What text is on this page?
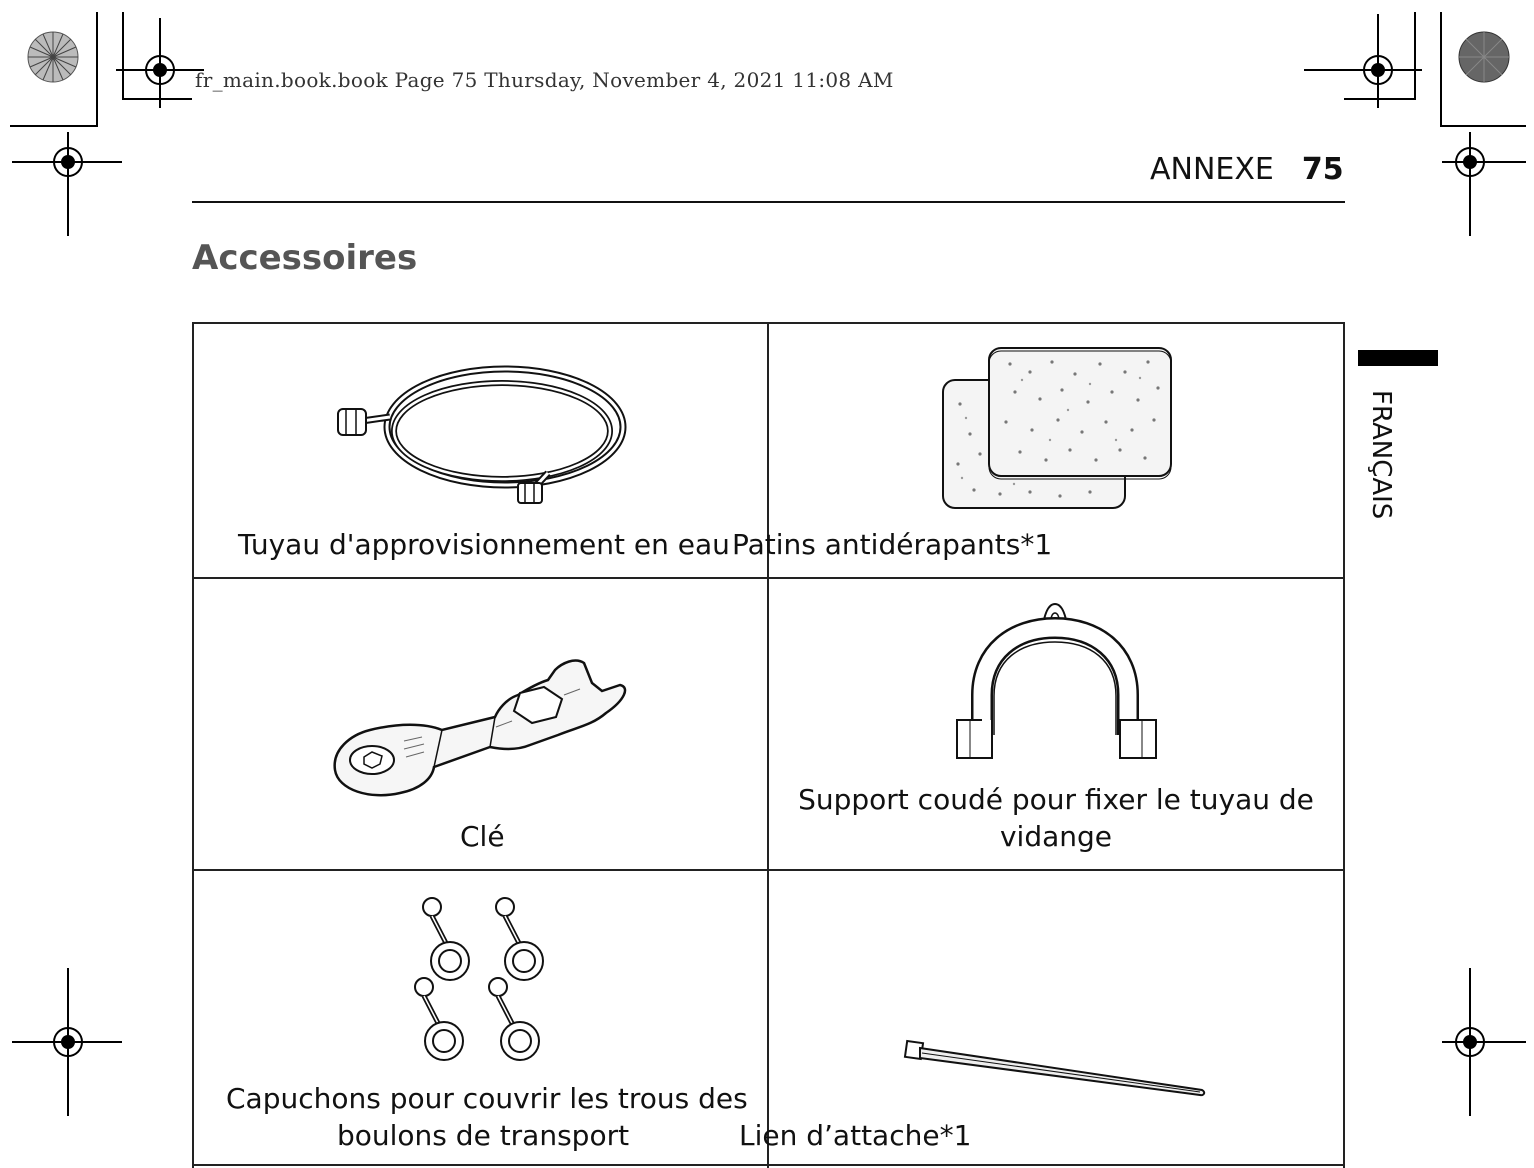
fr_main.book.book Page 75 Thursday, November 4, 2021 11:08 AM
ANNEXE 75
Accessoires
FRANÇAIS
Tuyau d'approvisionnement en eau Patins antidérapants*1
Clé
Support coudé pour fixer le tuyau de
vidange
Capuchons pour couvrir les trous des
boulons de transport	Lien d’attache*1
